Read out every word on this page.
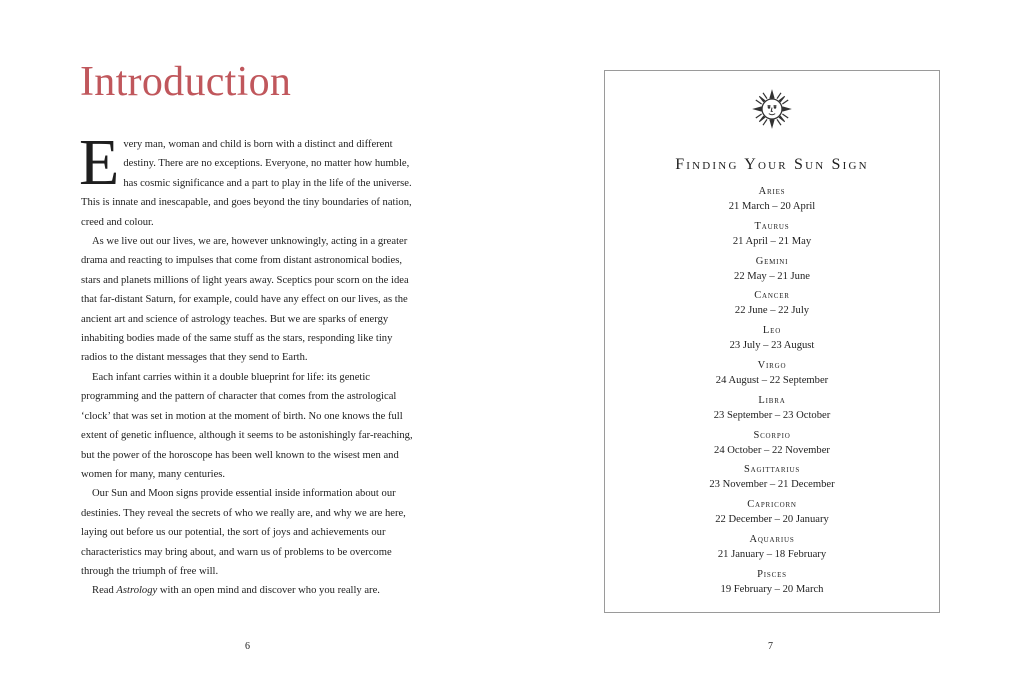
Introduction

Every man, woman and child is born with a distinct and different destiny. There are no exceptions. Everyone, no matter how humble, has cosmic significance and a part to play in the life of the universe. This is innate and inescapable, and goes beyond the tiny boundaries of nation, creed and colour.

As we live out our lives, we are, however unknowingly, acting in a greater drama and reacting to impulses that come from distant astronomical bodies, stars and planets millions of light years away. Sceptics pour scorn on the idea that far-distant Saturn, for example, could have any effect on our lives, as the ancient art and science of astrology teaches. But we are sparks of energy inhabiting bodies made of the same stuff as the stars, responding like tiny radios to the distant messages that they send to Earth.

Each infant carries within it a double blueprint for life: its genetic programming and the pattern of character that comes from the astrological ‘clock’ that was set in motion at the moment of birth. No one knows the full extent of genetic influence, although it seems to be astonishingly far-reaching, but the power of the horoscope has been well known to the wisest men and women for many, many centuries.

Our Sun and Moon signs provide essential inside information about our destinies. They reveal the secrets of who we really are, and why we are here, laying out before us our potential, the sort of joys and achievements our characteristics may bring about, and warn us of problems to be overcome through the triumph of free will.

Read Astrology with an open mind and discover who you really are.

6
Finding Your Sun Sign
Aries
21 March – 20 April
Taurus
21 April – 21 May
Gemini
22 May – 21 June
Cancer
22 June – 22 July
Leo
23 July – 23 August
Virgo
24 August – 22 September
Libra
23 September – 23 October
Scorpio
24 October – 22 November
Sagittarius
23 November – 21 December
Capricorn
22 December – 20 January
Aquarius
21 January – 18 February
Pisces
19 February – 20 March
7
